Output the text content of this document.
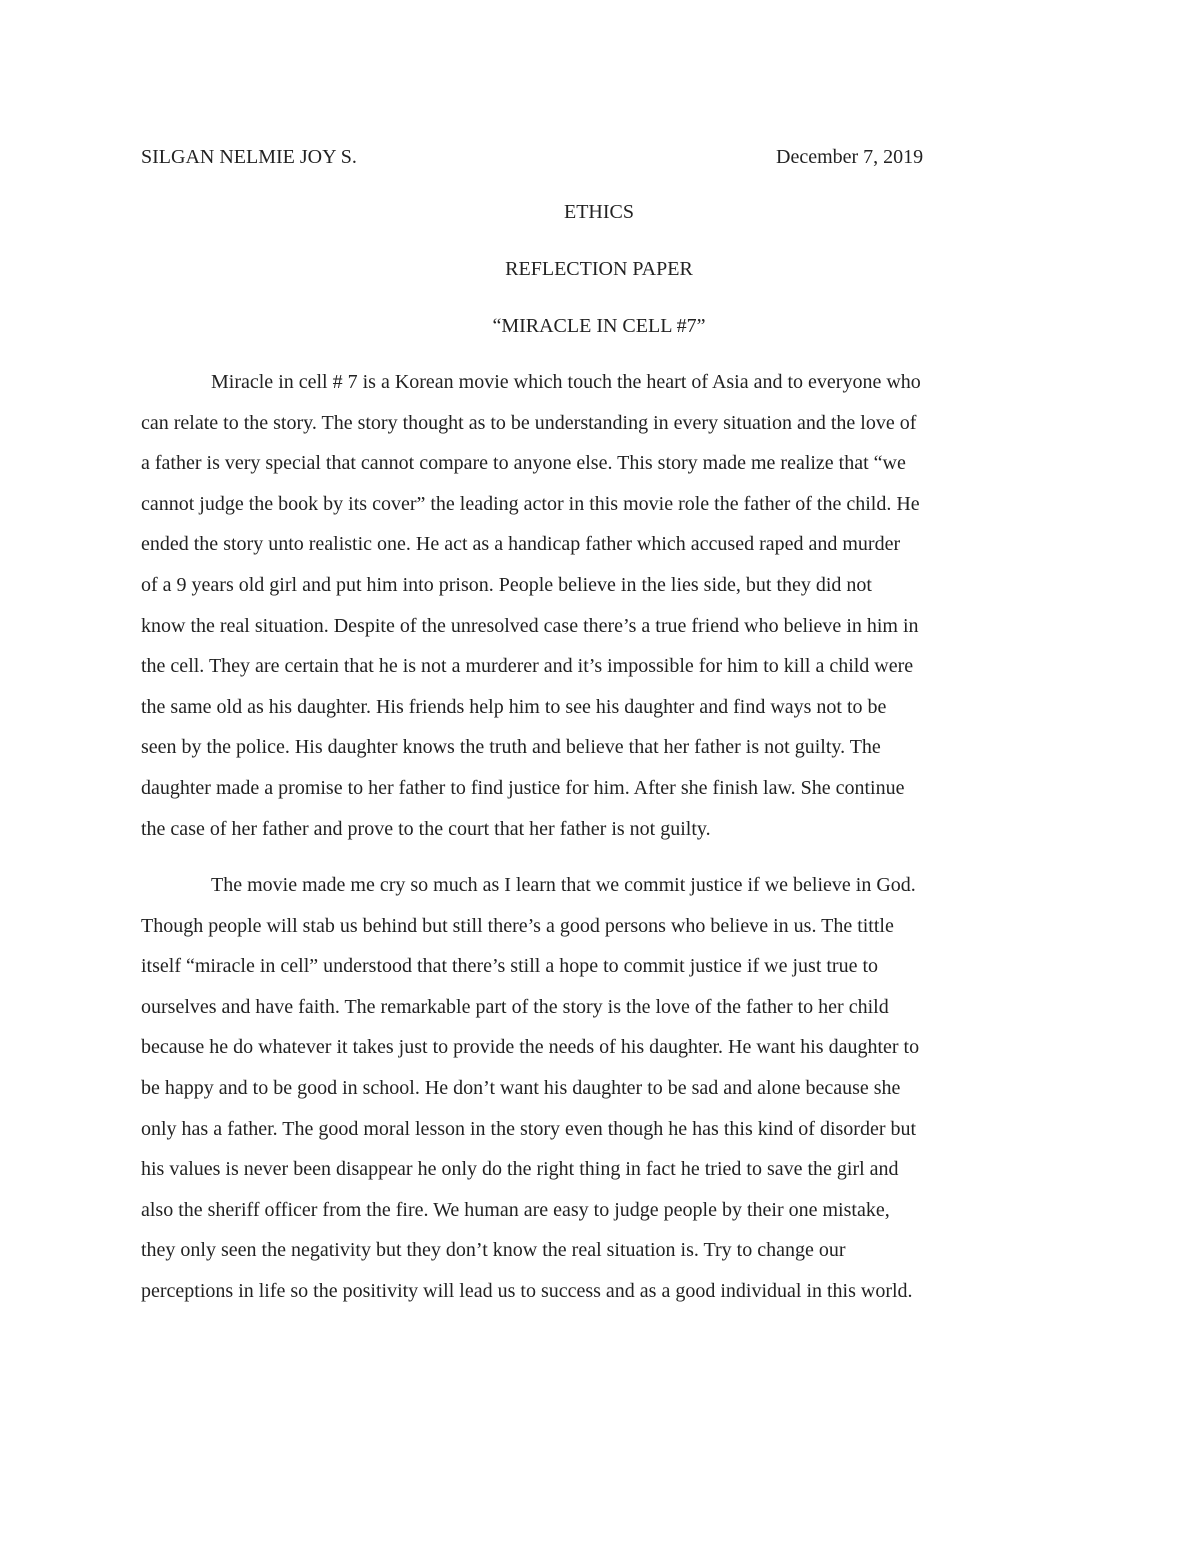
SILGAN NELMIE JOY S.	December 7, 2019
ETHICS
REFLECTION PAPER
“MIRACLE IN CELL #7”
Miracle in cell # 7 is a Korean movie which touch the heart of Asia and to everyone who
can relate to the story. The story thought as to be understanding in every situation and the love of
a father is very special that cannot compare to anyone else. This story made me realize that “we
cannot judge the book by its cover” the leading actor in this movie role the father of the child. He
ended the story unto realistic one. He act as a handicap father which accused raped and murder
of a 9 years old girl and put him into prison. People believe in the lies side, but they did not
know the real situation. Despite of the unresolved case there’s a true friend who believe in him in
the cell. They are certain that he is not a murderer and it’s impossible for him to kill a child were
the same old as his daughter. His friends help him to see his daughter and find ways not to be
seen by the police. His daughter knows the truth and believe that her father is not guilty. The
daughter made a promise to her father to find justice for him. After she finish law. She continue
the case of her father and prove to the court that her father is not guilty.
The movie made me cry so much as I learn that we commit justice if we believe in God.
Though people will stab us behind but still there’s a good persons who believe in us. The tittle
itself “miracle in cell” understood that there’s still a hope to commit justice if we just true to
ourselves and have faith. The remarkable part of the story is the love of the father to her child
because he do whatever it takes just to provide the needs of his daughter. He want his daughter to
be happy and to be good in school. He don’t want his daughter to be sad and alone because she
only has a father. The good moral lesson in the story even though he has this kind of disorder but
his values is never been disappear he only do the right thing in fact he tried to save the girl and
also the sheriff officer from the fire. We human are easy to judge people by their one mistake,
they only seen the negativity but they don’t know the real situation is. Try to change our
perceptions in life so the positivity will lead us to success and as a good individual in this world.
